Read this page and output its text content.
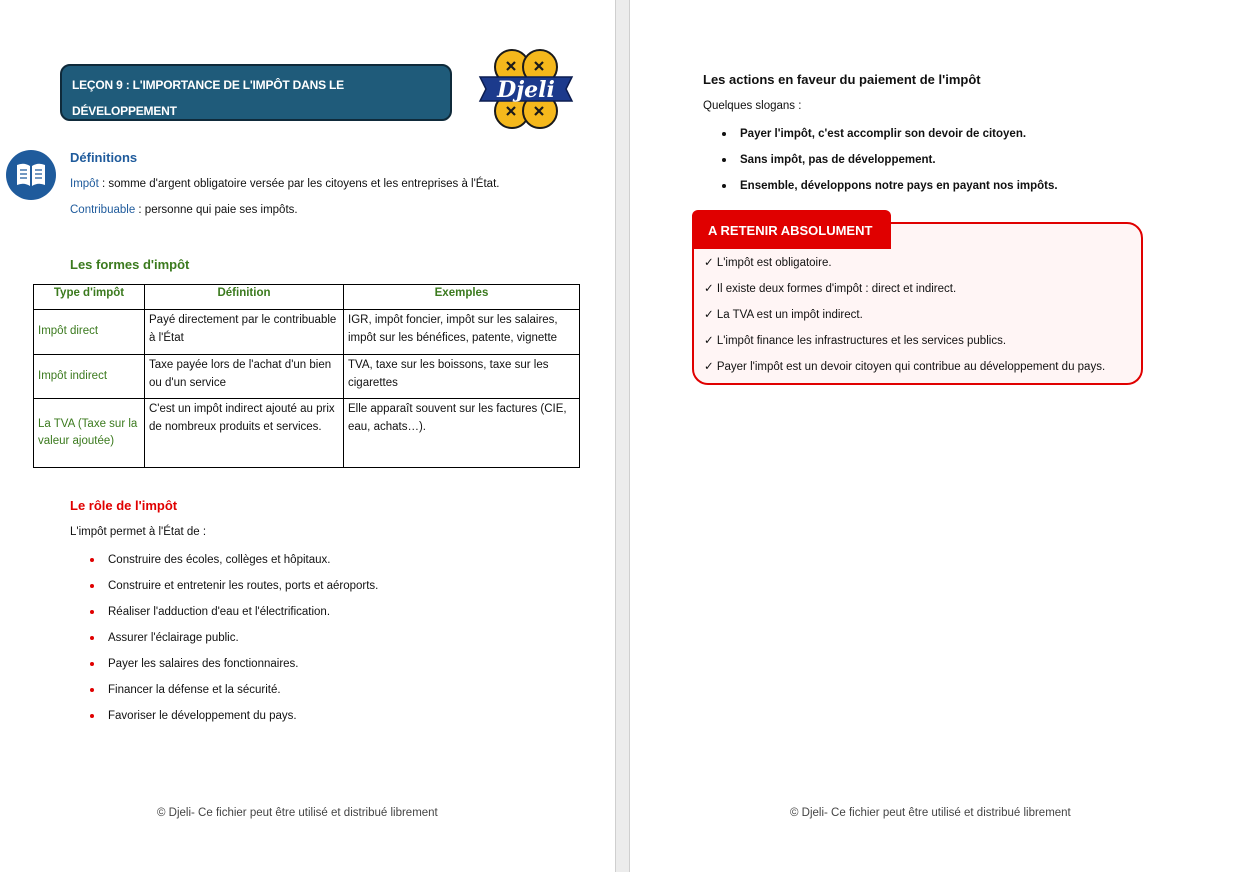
LEÇON 9 : L'IMPORTANCE DE L'IMPÔT DANS LE DÉVELOPPEMENT
DE MA RÉGION
Djeli
Définitions
Impôt : somme d'argent obligatoire versée par les citoyens et les entreprises à l'État.
Contribuable : personne qui paie ses impôts.
Les formes d'impôt
Type d'impôt	Définition	Exemples
Impôt direct	Payé directement par le contribuable à l'État	IGR, impôt foncier, impôt sur les salaires, impôt sur les bénéfices, patente, vignette
Impôt indirect	Taxe payée lors de l'achat d'un bien ou d'un service	TVA, taxe sur les boissons, taxe sur les cigarettes
La TVA (Taxe sur la valeur ajoutée)	C'est un impôt indirect ajouté au prix de nombreux produits et services.	Elle apparaît souvent sur les factures (CIE, eau, achats…).
Le rôle de l'impôt
L'impôt permet à l'État de :
Construire des écoles, collèges et hôpitaux.
Construire et entretenir les routes, ports et aéroports.
Réaliser l'adduction d'eau et l'électrification.
Assurer l'éclairage public.
Payer les salaires des fonctionnaires.
Financer la défense et la sécurité.
Favoriser le développement du pays.
© Djeli- Ce fichier peut être utilisé et distribué librement
Les actions en faveur du paiement de l'impôt
Quelques slogans :
Payer l'impôt, c'est accomplir son devoir de citoyen.
Sans impôt, pas de développement.
Ensemble, développons notre pays en payant nos impôts.
A RETENIR ABSOLUMENT
✓ L'impôt est obligatoire.
✓ Il existe deux formes d'impôt : direct et indirect.
✓ La TVA est un impôt indirect.
✓ L'impôt finance les infrastructures et les services publics.
✓ Payer l'impôt est un devoir citoyen qui contribue au développement du pays.
© Djeli- Ce fichier peut être utilisé et distribué librement
